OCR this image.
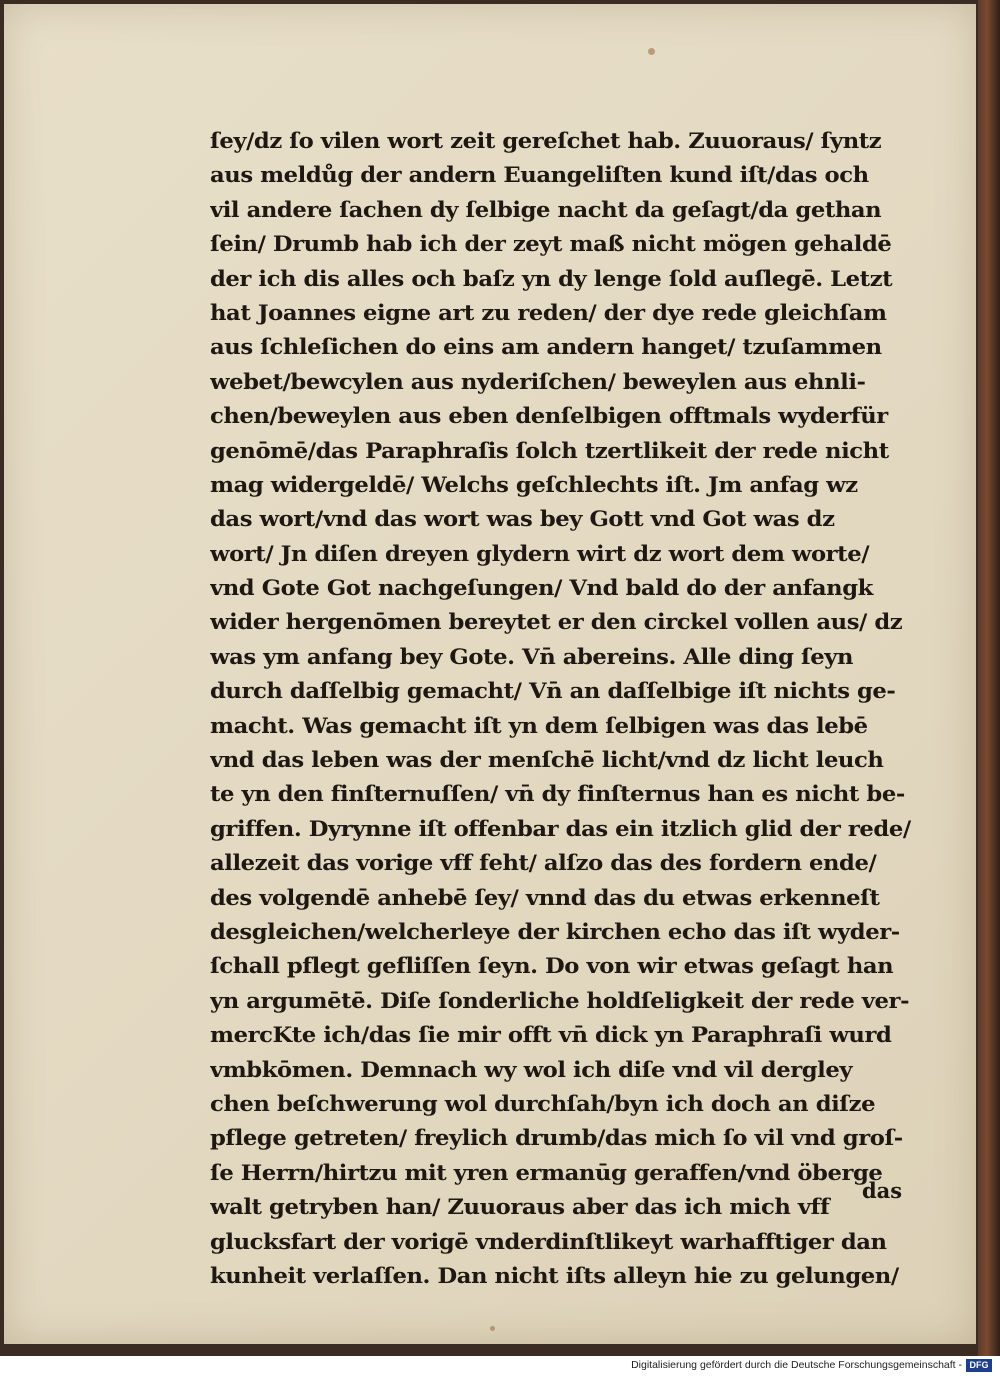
ſey/dz ſo vilen wort zeit gereſchet hab. Zuuoraus/ ſyntz
aus meldůg der andern Euangeliſten kund iſt/das och
vil andere ſachen dy ſelbige nacht da geſagt/da gethan
ſein/ Drumb hab ich der zeyt maß nicht mögen gehaldē
der ich dis alles och baſz yn dy lenge ſold auſlegē. Letzt
hat Joannes eigne art zu reden/ der dye rede gleichſam
aus ſchleſichen do eins am andern hanget/ tzuſammen
webet/bewcylen aus nyderiſchen/ beweylen aus ehnli-
chen/beweylen aus eben denſelbigen offtmals wyderfür
genōmē/das Paraphraſis ſolch tzertlikeit der rede nicht
mag widergeldē/ Welchs geſchlechts iſt. Jm anfag wz
das wort/vnd das wort was bey Gott vnd Got was dz
wort/ Jn diſen dreyen glydern wirt dz wort dem worte/
vnd Gote Got nachgeſungen/ Vnd bald do der anfangk
wider hergenōmen bereytet er den circkel vollen aus/ dz
was ym anfang bey Gote. Vn̄ abereins. Alle ding ſeyn
durch daſſelbig gemacht/ Vn̄ an daſſelbige iſt nichts ge-
macht. Was gemacht iſt yn dem ſelbigen was das lebē
vnd das leben was der menſchē licht/vnd dz licht leuch
te yn den finſternuſſen/ vn̄ dy finſternus han es nicht be-
griffen. Dyrynne iſt offenbar das ein itzlich glid der rede/
allezeit das vorige vff feht/ alſzo das des fordern ende/
des volgendē anhebē ſey/ vnnd das du etwas erkenneſt
desgleichen/welcherleye der kirchen echo das iſt wyder-
ſchall pflegt gefliſſen ſeyn. Do von wir etwas geſagt han
yn argumētē. Diſe ſonderliche holdſeligkeit der rede ver-
mercKte ich/das ſie mir offt vn̄ dick yn Paraphraſi wurd
vmbkōmen. Demnach wy wol ich diſe vnd vil dergley
chen beſchwerung wol durchſah/byn ich doch an diſze
pflege getreten/ freylich drumb/das mich ſo vil vnd groſ-
ſe Herrn/hirtzu mit yren ermanūg geraffen/vnd öberge
walt getryben han/ Zuuoraus aber das ich mich vff
glucksfart der vorigē vnderdinſtlikeyt warhafftiger dan
kunheit verlaſſen. Dan nicht iſts alleyn hie zu gelungen/
das
Digitalisierung gefördert durch die Deutsche Forschungsgemeinschaft - DFG
